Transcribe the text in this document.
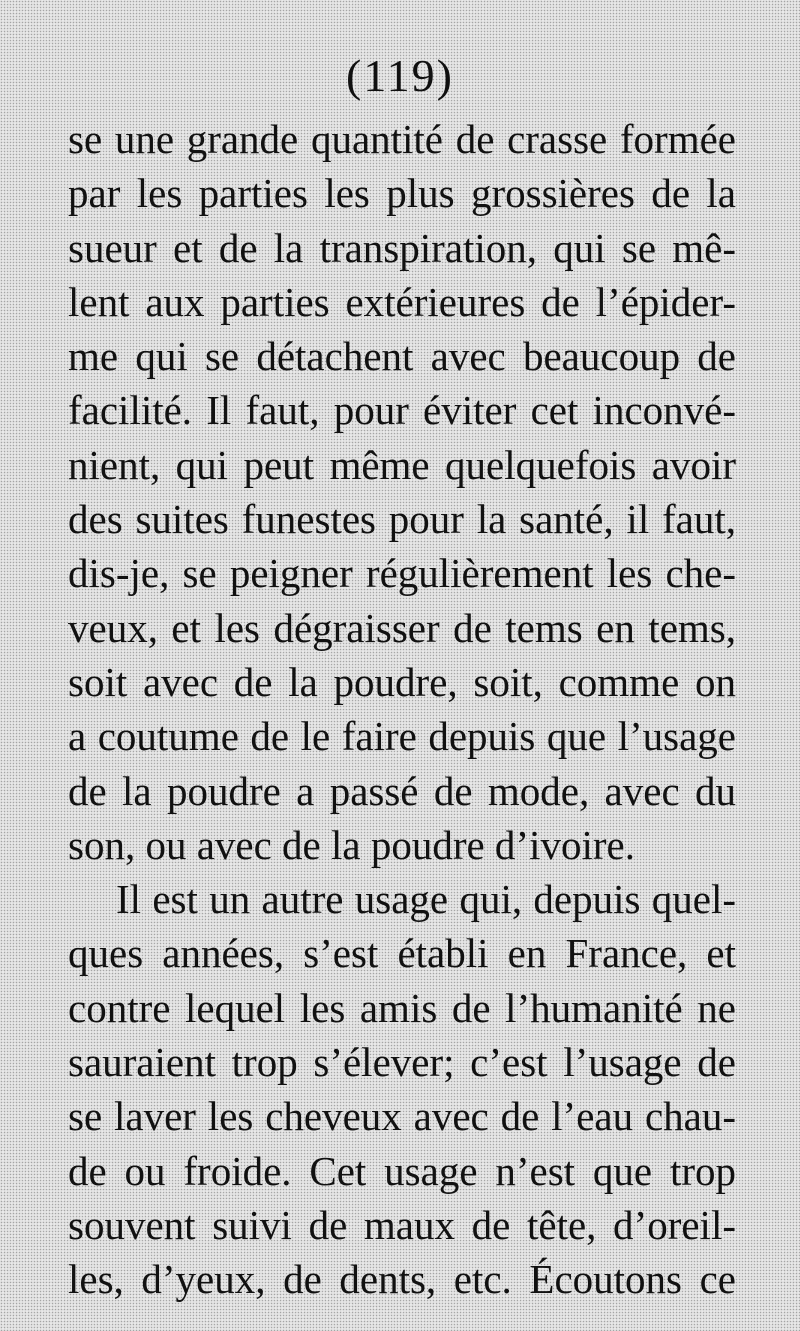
(119)
se une grande quantité de crasse formée
par les parties les plus grossières de la
sueur et de la transpiration, qui se mê-
lent aux parties extérieures de l’épider-
me qui se détachent avec beaucoup de
facilité. Il faut, pour éviter cet inconvé-
nient, qui peut même quelquefois avoir
des suites funestes pour la santé, il faut,
dis-je, se peigner régulièrement les che-
veux, et les dégraisser de tems en tems,
soit avec de la poudre, soit, comme on
a coutume de le faire depuis que l’usage
de la poudre a passé de mode, avec du
son, ou avec de la poudre d’ivoire.
Il est un autre usage qui, depuis quel-
ques années, s’est établi en France, et
contre lequel les amis de l’humanité ne
sauraient trop s’élever; c’est l’usage de
se laver les cheveux avec de l’eau chau-
de ou froide. Cet usage n’est que trop
souvent suivi de maux de tête, d’oreil-
les, d’yeux, de dents, etc. Écoutons ce
